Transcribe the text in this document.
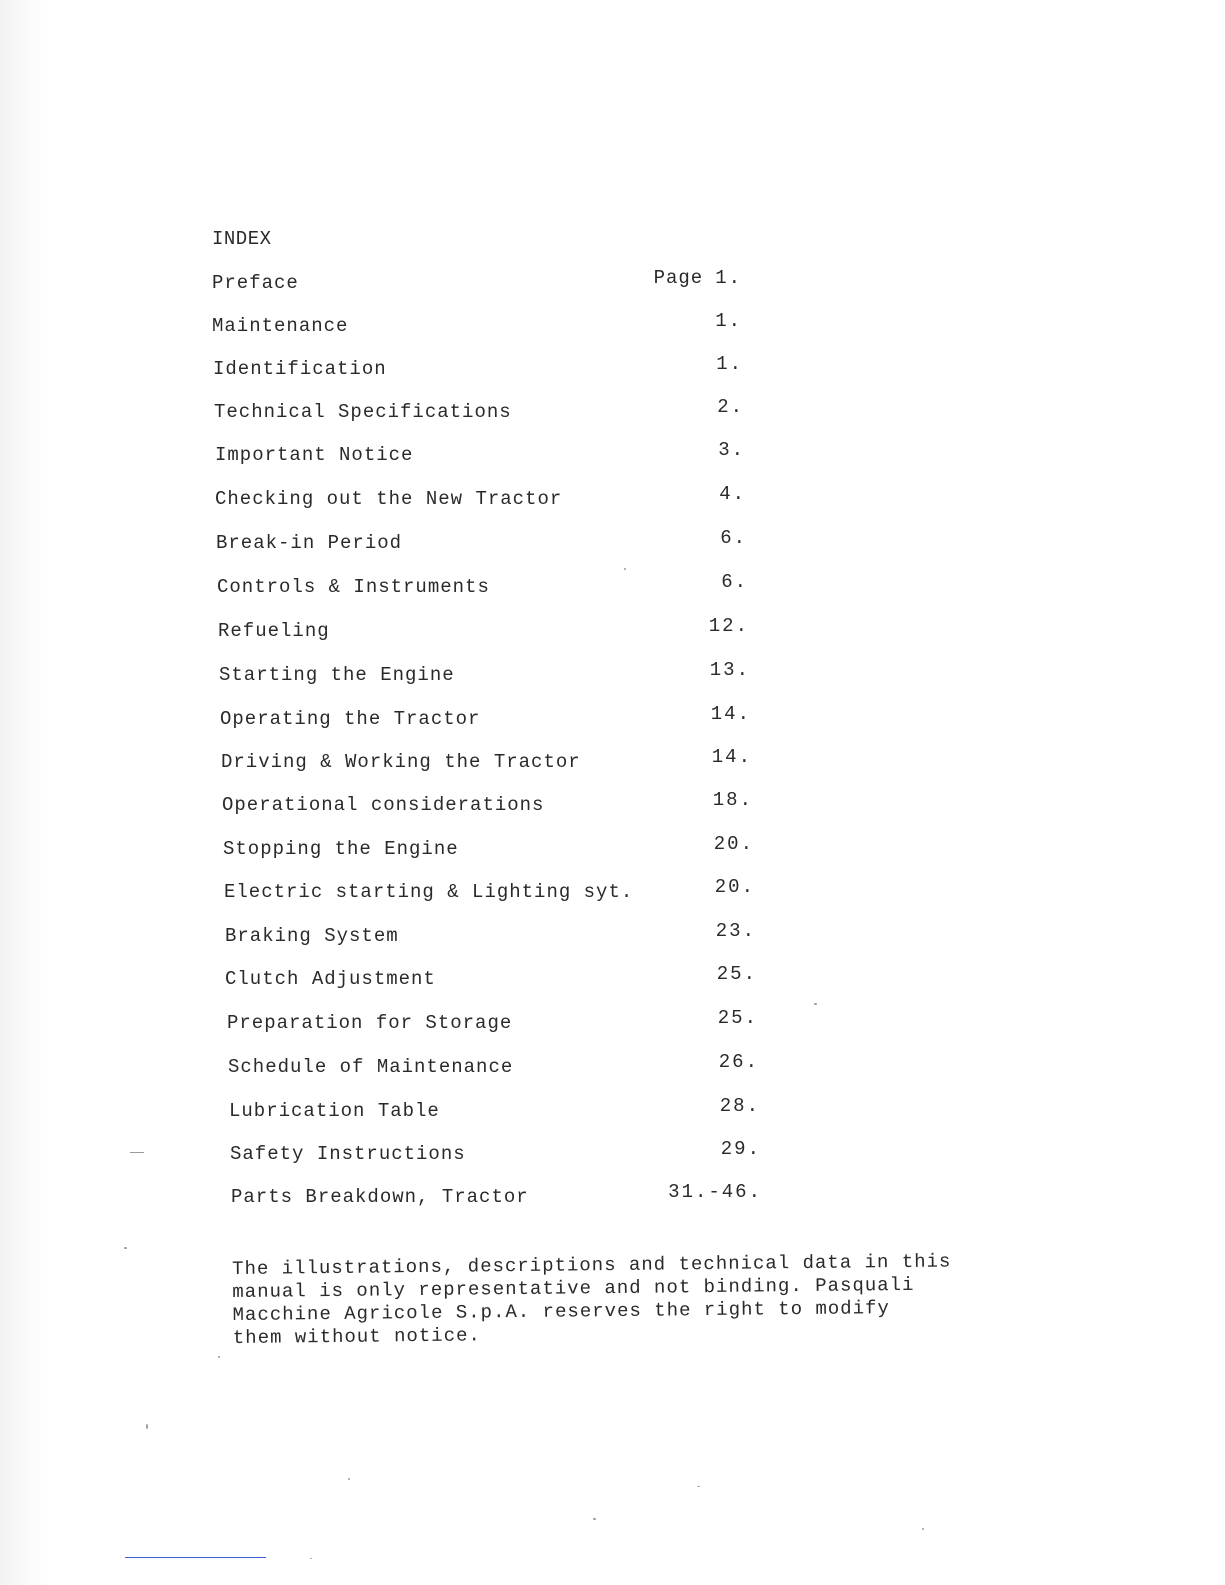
INDEX
Preface	Page 1.
Maintenance	1.
Identification	1.
Technical Specifications	2.
Important Notice	3.
Checking out the New Tractor	4.
Break-in Period	6.
Controls & Instruments	6.
Refueling	12.
Starting the Engine	13.
Operating the Tractor	14.
Driving & Working the Tractor	14.
Operational considerations	18.
Stopping the Engine	20.
Electric starting & Lighting syt.	20.
Braking System	23.
Clutch Adjustment	25.
Preparation for Storage	25.
Schedule of Maintenance	26.
Lubrication Table	28.
Safety Instructions	29.
Parts Breakdown, Tractor	31.-46.
The illustrations, descriptions and technical data in this
manual is only representative and not binding. Pasquali
Macchine Agricole S.p.A. reserves the right to modify
them without notice.
